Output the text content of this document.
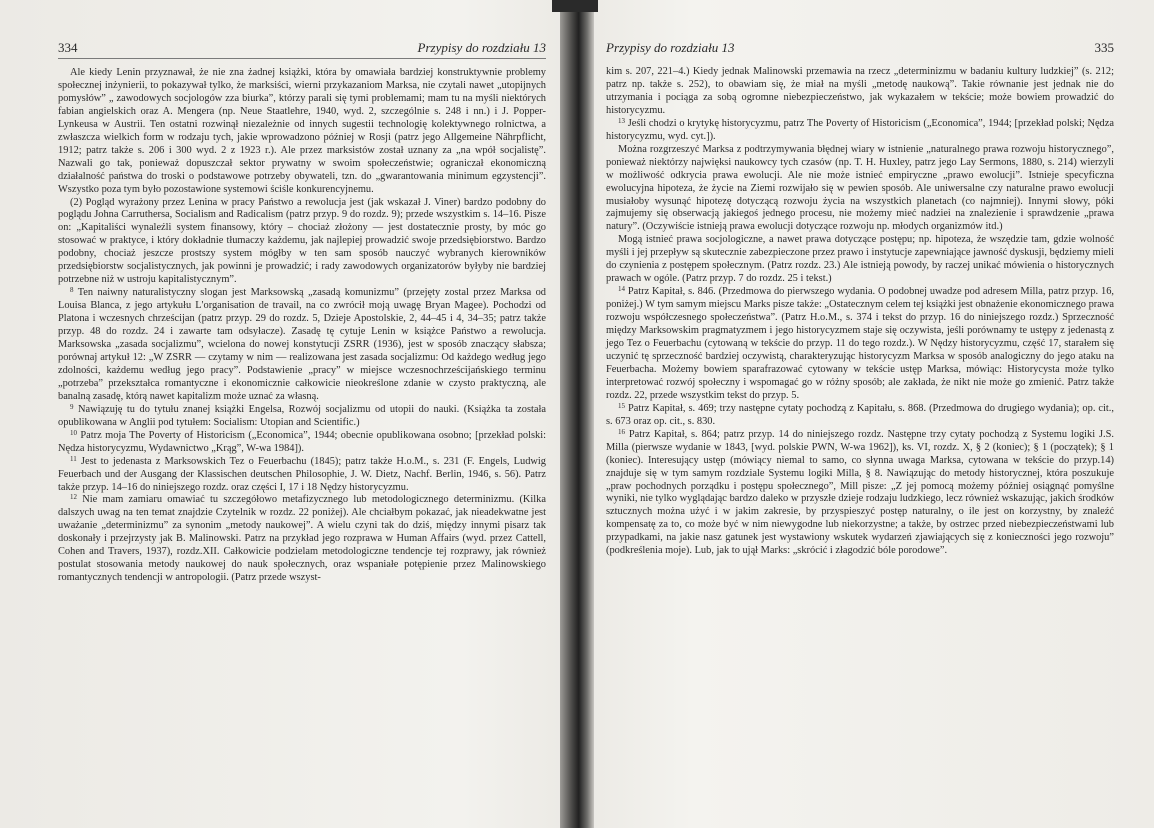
334	Przypisy do rozdziału 13

Ale kiedy Lenin przyznawał, że nie zna żadnej książki, która by omawiała bardziej konstruktywnie problemy społecznej inżynierii, to pokazywał tylko, że marksiści, wierni przykazaniom Marksa, nie czytali nawet „utopijnych pomysłów” „ zawodowych socjologów zza biurka”, którzy parali się tymi problemami; mam tu na myśli niektórych fabian angielskich oraz A. Mengera (np. Neue Staatlehre, 1940, wyd. 2, szczególnie s. 248 i nn.) i J. Popper-Lynkeusa w Austrii. Ten ostatni rozwinął niezależnie od innych sugestii technologię kolektywnego rolnictwa, a zwłaszcza wielkich form w rodzaju tych, jakie wprowadzono później w Rosji (patrz jego Allgemeine Nährpflicht, 1912; patrz także s. 206 i 300 wyd. 2 z 1923 r.). Ale przez marksistów został uznany za „na wpół socjalistę”. Nazwali go tak, ponieważ dopuszczał sektor prywatny w swoim społeczeństwie; ograniczał ekonomiczną działalność państwa do troski o podstawowe potrzeby obywateli, tzn. do „gwarantowania minimum egzystencji”. Wszystko poza tym było pozostawione systemowi ściśle konkurencyjnemu.

(2) Pogląd wyrażony przez Lenina w pracy Państwo a rewolucja jest (jak wskazał J. Viner) bardzo podobny do poglądu Johna Carruthersa, Socialism and Radicalism (patrz przyp. 9 do rozdz. 9); przede wszystkim s. 14–16. Pisze on: „Kapitaliści wynaleźli system finansowy, który – chociaż złożony — jest dostatecznie prosty, by móc go stosować w praktyce, i który dokładnie tłumaczy każdemu, jak najlepiej prowadzić swoje przedsiębiorstwo. Bardzo podobny, chociaż jeszcze prostszy system mógłby w ten sam sposób nauczyć wybranych kierowników przedsiębiorstw socjalistycznych, jak powinni je prowadzić; i rady zawodowych organizatorów byłyby nie bardziej potrzebne niż w ustroju kapitalistycznym”.

$^8$ Ten naiwny naturalistyczny slogan jest Marksowską „zasadą komunizmu” (przejęty zostal przez Marksa od Louisa Blanca, z jego artykułu L'organisation de travail, na co zwrócił moją uwagę Bryan Magee). Pochodzi od Platona i wczesnych chrześcijan (patrz przyp. 29 do rozdz. 5, Dzieje Apostolskie, 2, 44–45 i 4, 34–35; patrz także przyp. 48 do rozdz. 24 i zawarte tam odsyłacze). Zasadę tę cytuje Lenin w książce Państwo a rewolucja. Marksowska „zasada socjalizmu”, wcielona do nowej konstytucji ZSRR (1936), jest w sposób znaczący słabsza; porównaj artykuł 12: „W ZSRR — czytamy w nim — realizowana jest zasada socjalizmu: Od każdego według jego zdolności, każdemu według jego pracy”. Podstawienie „pracy” w miejsce wczesnochrześcijańskiego terminu „potrzeba” przekształca romantyczne i ekonomicznie całkowicie nieokreślone zdanie w czysto praktyczną, ale banalną zasadę, którą nawet kapitalizm może uznać za własną.

$^9$ Nawiązuję tu do tytułu znanej książki Engelsa, Rozwój socjalizmu od utopii do nauki. (Książka ta została opublikowana w Anglii pod tytułem: Socialism: Utopian and Scientific.)

$^{10}$ Patrz moja The Poverty of Historicism („Economica”, 1944; obecnie opublikowana osobno; [przekład polski: Nędza historycyzmu, Wydawnictwo „Krąg”, W-wa 1984]).

$^{11}$ Jest to jedenasta z Marksowskich Tez o Feuerbachu (1845); patrz także H.o.M., s. 231 (F. Engels, Ludwig Feuerbach und der Ausgang der Klassischen deutschen Philosophie, J. W. Dietz, Nachf. Berlin, 1946, s. 56). Patrz także przyp. 14–16 do niniejszego rozdz. oraz części I, 17 i 18 Nędzy historycyzmu.

$^{12}$ Nie mam zamiaru omawiać tu szczegółowo metafizycznego lub metodologicznego determinizmu. (Kilka dalszych uwag na ten temat znajdzie Czytelnik w rozdz. 22 poniżej). Ale chciałbym pokazać, jak nieadekwatne jest uważanie „determinizmu” za synonim „metody naukowej”. A wielu czyni tak do dziś, między innymi pisarz tak doskonały i przejrzysty jak B. Malinowski. Patrz na przykład jego rozprawa w Human Affairs (wyd. przez Cattell, Cohen and Travers, 1937), rozdz.XII. Całkowicie podzielam metodologiczne tendencje tej rozprawy, jak również postulat stosowania metody naukowej do nauk społecznych, oraz wspaniałe potępienie przez Malinowskiego romantycznych tendencji w antropologii. (Patrz przede wszyst-

Przypisy do rozdziału 13	335

kim s. 207, 221–4.) Kiedy jednak Malinowski przemawia na rzecz „determinizmu w badaniu kultury ludzkiej” (s. 212; patrz np. także s. 252), to obawiam się, że miał na myśli „metodę naukową”. Takie równanie jest jednak nie do utrzymania i pociąga za sobą ogromne niebezpieczeństwo, jak wykazałem w tekście; może bowiem prowadzić do historycyzmu.

$^{13}$ Jeśli chodzi o krytykę historycyzmu, patrz The Poverty of Historicism („Economica”, 1944; [przekład polski; Nędza historycyzmu, wyd. cyt.]).

Można rozgrzeszyć Marksa z podtrzymywania błędnej wiary w istnienie „naturalnego prawa rozwoju historycznego”, ponieważ niektórzy najwięksi naukowcy tych czasów (np. T. H. Huxley, patrz jego Lay Sermons, 1880, s. 214) wierzyli w możliwość odkrycia prawa ewolucji. Ale nie może istnieć empiryczne „prawo ewolucji”. Istnieje specyficzna ewolucyjna hipoteza, że życie na Ziemi rozwijało się w pewien sposób. Ale uniwersalne czy naturalne prawo ewolucji musiałoby wysunąć hipotezę dotyczącą rozwoju życia na wszystkich planetach (co najmniej). Innymi słowy, póki zajmujemy się obserwacją jakiegoś jednego procesu, nie możemy mieć nadziei na znalezienie i sprawdzenie „prawa natury”. (Oczywiście istnieją prawa ewolucji dotyczące rozwoju np. młodych organizmów itd.)

Mogą istnieć prawa socjologiczne, a nawet prawa dotyczące postępu; np. hipoteza, że wszędzie tam, gdzie wolność myśli i jej przepływ są skutecznie zabezpieczone przez prawo i instytucje zapewniające jawność dyskusji, będziemy mieli do czynienia z postępem społecznym. (Patrz rozdz. 23.) Ale istnieją powody, by raczej unikać mówienia o historycznych prawach w ogóle. (Patrz przyp. 7 do rozdz. 25 i tekst.)

$^{14}$ Patrz Kapitał, s. 846. (Przedmowa do pierwszego wydania. O podobnej uwadze pod adresem Milla, patrz przyp. 16, poniżej.) W tym samym miejscu Marks pisze także: „Ostatecznym celem tej książki jest obnażenie ekonomicznego prawa rozwoju współczesnego społeczeństwa”. (Patrz H.o.M., s. 374 i tekst do przyp. 16 do niniejszego rozdz.) Sprzeczność między Marksowskim pragmatyzmem i jego historycyzmem staje się oczywista, jeśli porównamy te ustępy z jedenastą z jego Tez o Feuerbachu (cytowaną w tekście do przyp. 11 do tego rozdz.). W Nędzy historycyzmu, część 17, starałem się uczynić tę sprzeczność bardziej oczywistą, charakteryzując historycyzm Marksa w sposób analogiczny do jego ataku na Feuerbacha. Możemy bowiem sparafrazować cytowany w tekście ustęp Marksa, mówiąc: Historycysta może tylko interpretować rozwój społeczny i wspomagać go w różny sposób; ale zakłada, że nikt nie może go zmienić. Patrz także rozdz. 22, przede wszystkim tekst do przyp. 5.

$^{15}$ Patrz Kapitał, s. 469; trzy następne cytaty pochodzą z Kapitału, s. 868. (Przedmowa do drugiego wydania); op. cit., s. 673 oraz op. cit., s. 830.

$^{16}$ Patrz Kapitał, s. 864; patrz przyp. 14 do niniejszego rozdz. Następne trzy cytaty pochodzą z Systemu logiki J.S. Milla (pierwsze wydanie w 1843, [wyd. polskie PWN, W-wa 1962]), ks. VI, rozdz. X, § 2 (koniec); § 1 (początek); § 1 (koniec). Interesujący ustęp (mówiący niemal to samo, co słynna uwaga Marksa, cytowana w tekście do przyp.14) znajduje się w tym samym rozdziale Systemu logiki Milla, § 8. Nawiązując do metody historycznej, która poszukuje „praw pochodnych porządku i postępu społecznego”, Mill pisze: „Z jej pomocą możemy później osiągnąć pomyślne wyniki, nie tylko wyglądając bardzo daleko w przyszłe dzieje rodzaju ludzkiego, lecz również wskazując, jakich środków sztucznych można użyć i w jakim zakresie, by przyspieszyć postęp naturalny, o ile jest on korzystny, by znaleźć kompensatę za to, co może być w nim niewygodne lub niekorzystne; a także, by ostrzec przed niebezpieczeństwami lub przypadkami, na jakie nasz gatunek jest wystawiony wskutek wydarzeń zjawiających się z konieczności jego rozwoju” (podkreślenia moje). Lub, jak to ujął Marks: „skrócić i złagodzić bóle porodowe”.
